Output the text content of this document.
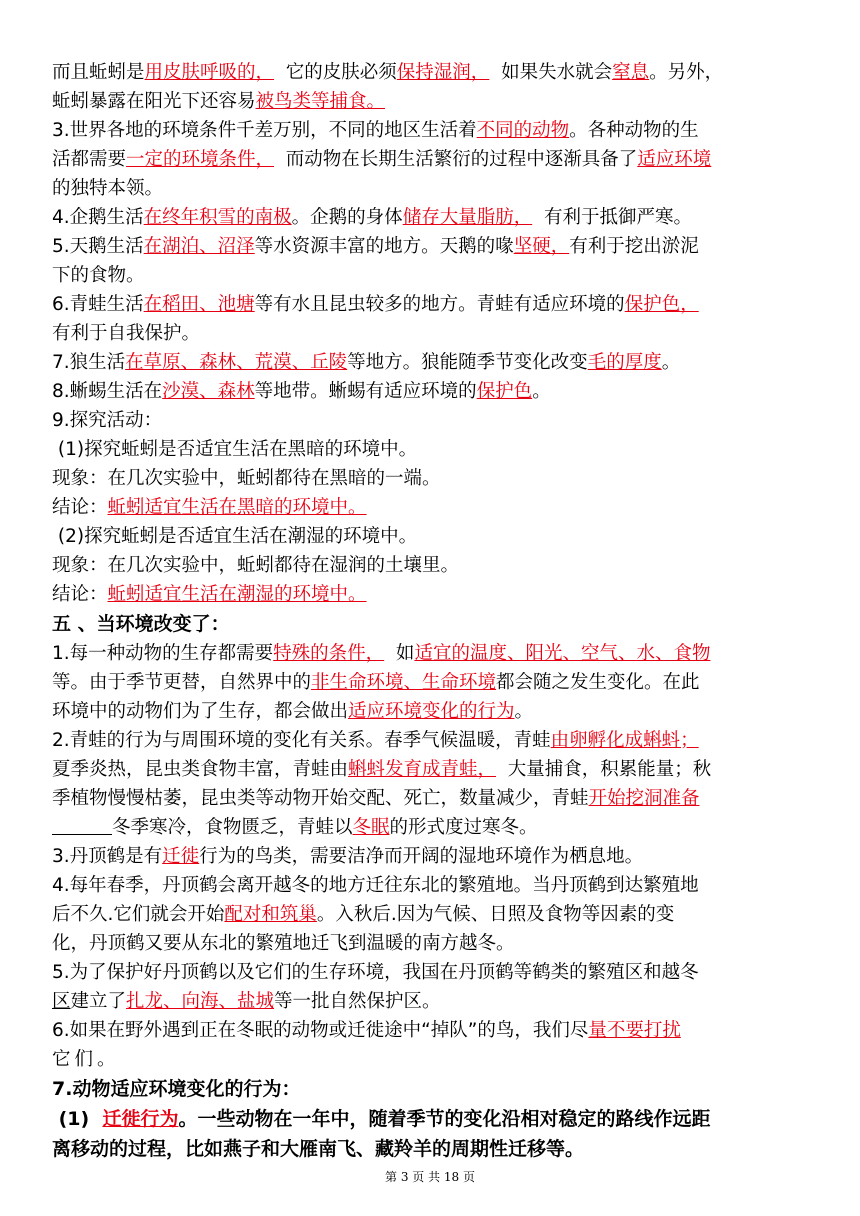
而且蚯蚓是用皮肤呼吸的，  它的皮肤必须保持湿润，  如果失水就会窒息。另外，
蚯蚓暴露在阳光下还容易被鸟类等捕食。
3.世界各地的环境条件千差万别，不同的地区生活着不同的动物。各种动物的生
活都需要一定的环境条件，  而动物在长期生活繁衍的过程中逐渐具备了适应环境
的独特本领。
4.企鹅生活在终年积雪的南极。企鹅的身体储存大量脂肪，  有利于抵御严寒。
5.天鹅生活在湖泊、沼泽等水资源丰富的地方。天鹅的喙坚硬，有利于挖出淤泥
下的食物。
6.青蛙生活在稻田、池塘等有水且昆虫较多的地方。青蛙有适应环境的保护色，
有利于自我保护。
7.狼生活在草原、森林、荒漠、丘陵等地方。狼能随季节变化改变毛的厚度。
8.蜥蜴生活在沙漠、森林等地带。蜥蜴有适应环境的保护色。
9.探究活动：
(1)探究蚯蚓是否适宜生活在黑暗的环境中。
现象：在几次实验中，蚯蚓都待在黑暗的一端。
结论：蚯蚓适宜生活在黑暗的环境中。
(2)探究蚯蚓是否适宜生活在潮湿的环境中。
现象：在几次实验中，蚯蚓都待在湿润的土壤里。
结论：蚯蚓适宜生活在潮湿的环境中。
五 、当环境改变了：
1.每一种动物的生存都需要特殊的条件，  如适宜的温度、阳光、空气、水、食物
等。由于季节更替，自然界中的非生命环境、生命环境都会随之发生变化。在此
环境中的动物们为了生存，都会做出适应环境变化的行为。
2.青蛙的行为与周围环境的变化有关系。春季气候温暖，青蛙由卵孵化成蝌蚪；
夏季炎热，昆虫类食物丰富，青蛙由蝌蚪发育成青蛙，  大量捕食，积累能量；秋
季植物慢慢枯萎，昆虫类等动物开始交配、死亡，数量减少，青蛙开始挖洞准备
冬季寒冷，食物匮乏，青蛙以冬眠的形式度过寒冬。
3.丹顶鹤是有迁徙行为的鸟类，需要洁净而开阔的湿地环境作为栖息地。
4.每年春季，丹顶鹤会离开越冬的地方迁往东北的繁殖地。当丹顶鹤到达繁殖地
后不久.它们就会开始配对和筑巢。入秋后.因为气候、日照及食物等因素的变
化，丹顶鹤又要从东北的繁殖地迁飞到温暖的南方越冬。
5.为了保护好丹顶鹤以及它们的生存环境，我国在丹顶鹤等鹤类的繁殖区和越冬
区建立了扎龙、向海、盐城等一批自然保护区。
6.如果在野外遇到正在冬眠的动物或迁徙途中“掉队”的鸟，我们尽量不要打扰
它们。
7.动物适应环境变化的行为：
(1)  迁徙行为。一些动物在一年中，随着季节的变化沿相对稳定的路线作远距
离移动的过程，比如燕子和大雁南飞、藏羚羊的周期性迁移等。
第 3 页 共 18 页
